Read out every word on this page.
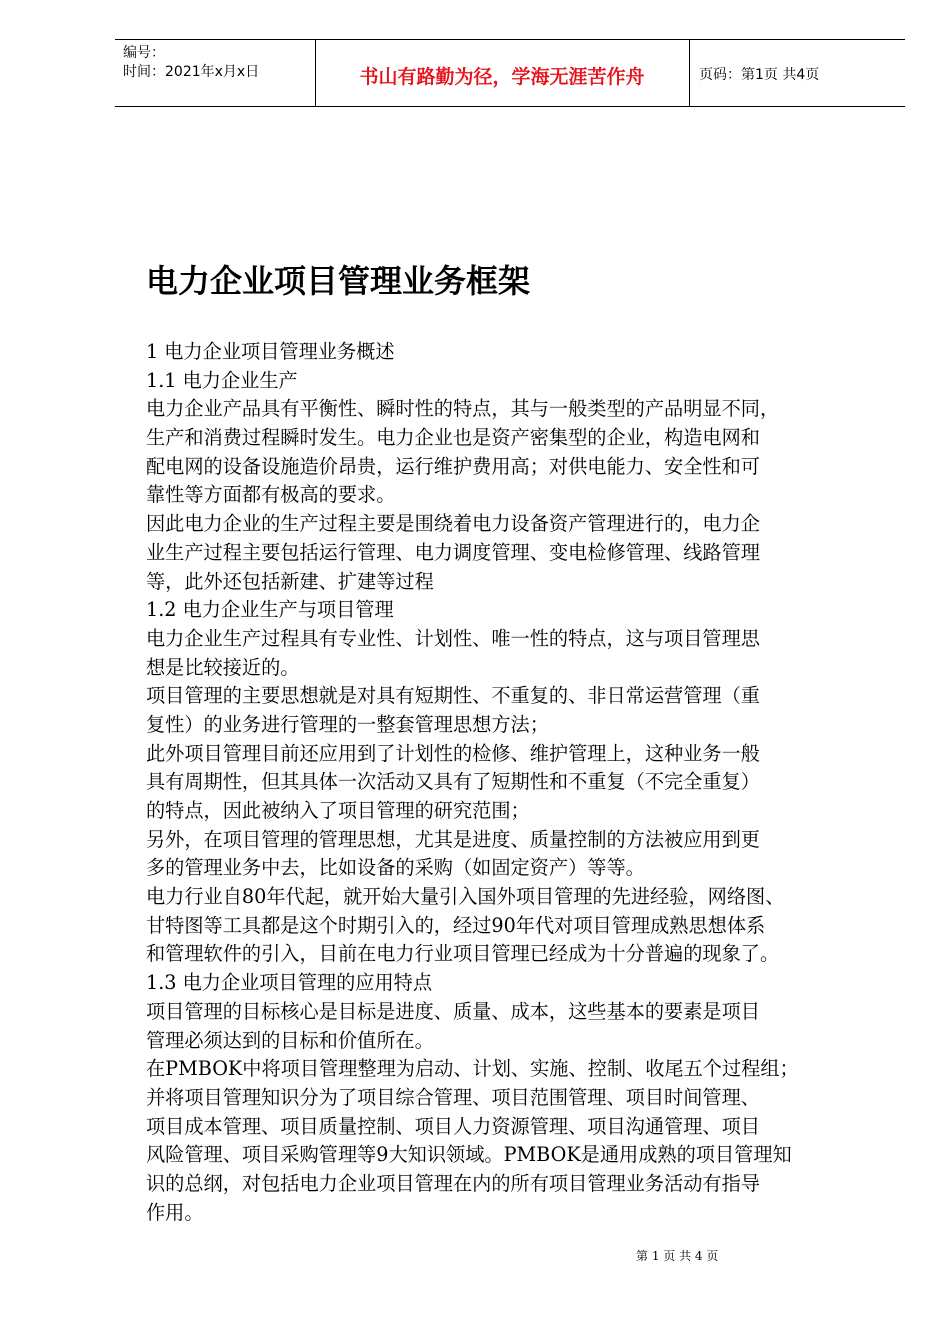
编号：
时间：2021年x月x日	书山有路勤为径，学海无涯苦作舟	页码：第1页 共4页
电力企业项目管理业务框架
1 电力企业项目管理业务概述
1.1 电力企业生产
电力企业产品具有平衡性、瞬时性的特点，其与一般类型的产品明显不同，
生产和消费过程瞬时发生。电力企业也是资产密集型的企业，构造电网和
配电网的设备设施造价昂贵，运行维护费用高；对供电能力、安全性和可
靠性等方面都有极高的要求。
因此电力企业的生产过程主要是围绕着电力设备资产管理进行的，电力企
业生产过程主要包括运行管理、电力调度管理、变电检修管理、线路管理
等，此外还包括新建、扩建等过程
1.2 电力企业生产与项目管理
电力企业生产过程具有专业性、计划性、唯一性的特点，这与项目管理思
想是比较接近的。
项目管理的主要思想就是对具有短期性、不重复的、非日常运营管理（重
复性）的业务进行管理的一整套管理思想方法；
此外项目管理目前还应用到了计划性的检修、维护管理上，这种业务一般
具有周期性，但其具体一次活动又具有了短期性和不重复（不完全重复）
的特点，因此被纳入了项目管理的研究范围；
另外，在项目管理的管理思想，尤其是进度、质量控制的方法被应用到更
多的管理业务中去，比如设备的采购（如固定资产）等等。
电力行业自80年代起，就开始大量引入国外项目管理的先进经验，网络图、
甘特图等工具都是这个时期引入的，经过90年代对项目管理成熟思想体系
和管理软件的引入，目前在电力行业项目管理已经成为十分普遍的现象了。
1.3 电力企业项目管理的应用特点
项目管理的目标核心是目标是进度、质量、成本，这些基本的要素是项目
管理必须达到的目标和价值所在。
在PMBOK中将项目管理整理为启动、计划、实施、控制、收尾五个过程组；
并将项目管理知识分为了项目综合管理、项目范围管理、项目时间管理、
项目成本管理、项目质量控制、项目人力资源管理、项目沟通管理、项目
风险管理、项目采购管理等9大知识领域。PMBOK是通用成熟的项目管理知
识的总纲，对包括电力企业项目管理在内的所有项目管理业务活动有指导
作用。
第 1 页 共 4 页
